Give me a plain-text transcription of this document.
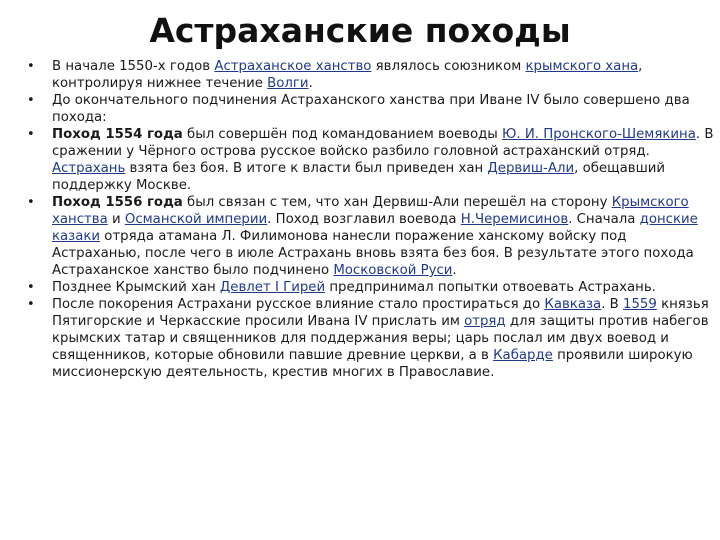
Астраханские походы
• В начале 1550-х годов Астраханское ханство являлось союзником крымского хана, контролируя нижнее течение Волги.
• До окончательного подчинения Астраханского ханства при Иване IV было совершено два похода:
• Поход 1554 года был совершён под командованием воеводы Ю. И. Пронского-Шемякина. В сражении у Чёрного острова русское войско разбило головной астраханский отряд. Астрахань взята без боя. В итоге к власти был приведен хан Дервиш-Али, обещавший поддержку Москве.
• Поход 1556 года был связан с тем, что хан Дервиш-Али перешёл на сторону Крымского ханства и Османской империи. Поход возглавил воевода Н.Черемисинов. Сначала донские казаки отряда атамана Л. Филимонова нанесли поражение ханскому войску под Астраханью, после чего в июле Астрахань вновь взята без боя. В результате этого похода Астраханское ханство было подчинено Московской Руси.
• Позднее Крымский хан Девлет I Гирей предпринимал попытки отвоевать Астрахань.
• После покорения Астрахани русское влияние стало простираться до Кавказа. В 1559 князья Пятигорские и Черкасские просили Ивана IV прислать им отряд для защиты против набегов крымских татар и священников для поддержания веры; царь послал им двух воевод и священников, которые обновили павшие древние церкви, а в Кабарде проявили широкую миссионерскую деятельность, крестив многих в Православие.
